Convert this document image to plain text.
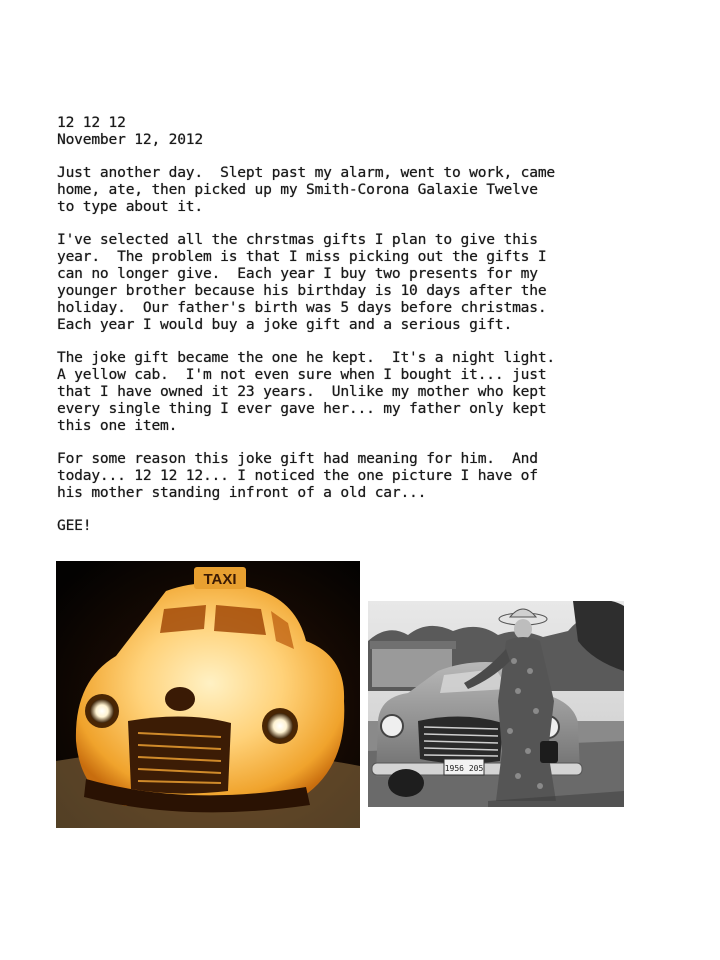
12 12 12

November 12, 2012

Just another day.  Slept past my alarm, went to work, came

home, ate, then picked up my Smith-Corona Galaxie Twelve

to type about it.

I've selected all the chrstmas gifts I plan to give this

year.  The problem is that I miss picking out the gifts I

can no longer give.  Each year I buy two presents for my

younger brother because his birthday is 10 days after the

holiday.  Our father's birth was 5 days before christmas.

Each year I would buy a joke gift and a serious gift.

The joke gift became the one he kept.  It's a night light.

A yellow cab.  I'm not even sure when I bought it... just

that I have owned it 23 years.  Unlike my mother who kept

every single thing I ever gave her... my father only kept

this one item.

For some reason this joke gift had meaning for him.  And

today... 12 12 12... I noticed the one picture I have of

his mother standing infront of a old car...

GEE!

TAXI
1956 205
